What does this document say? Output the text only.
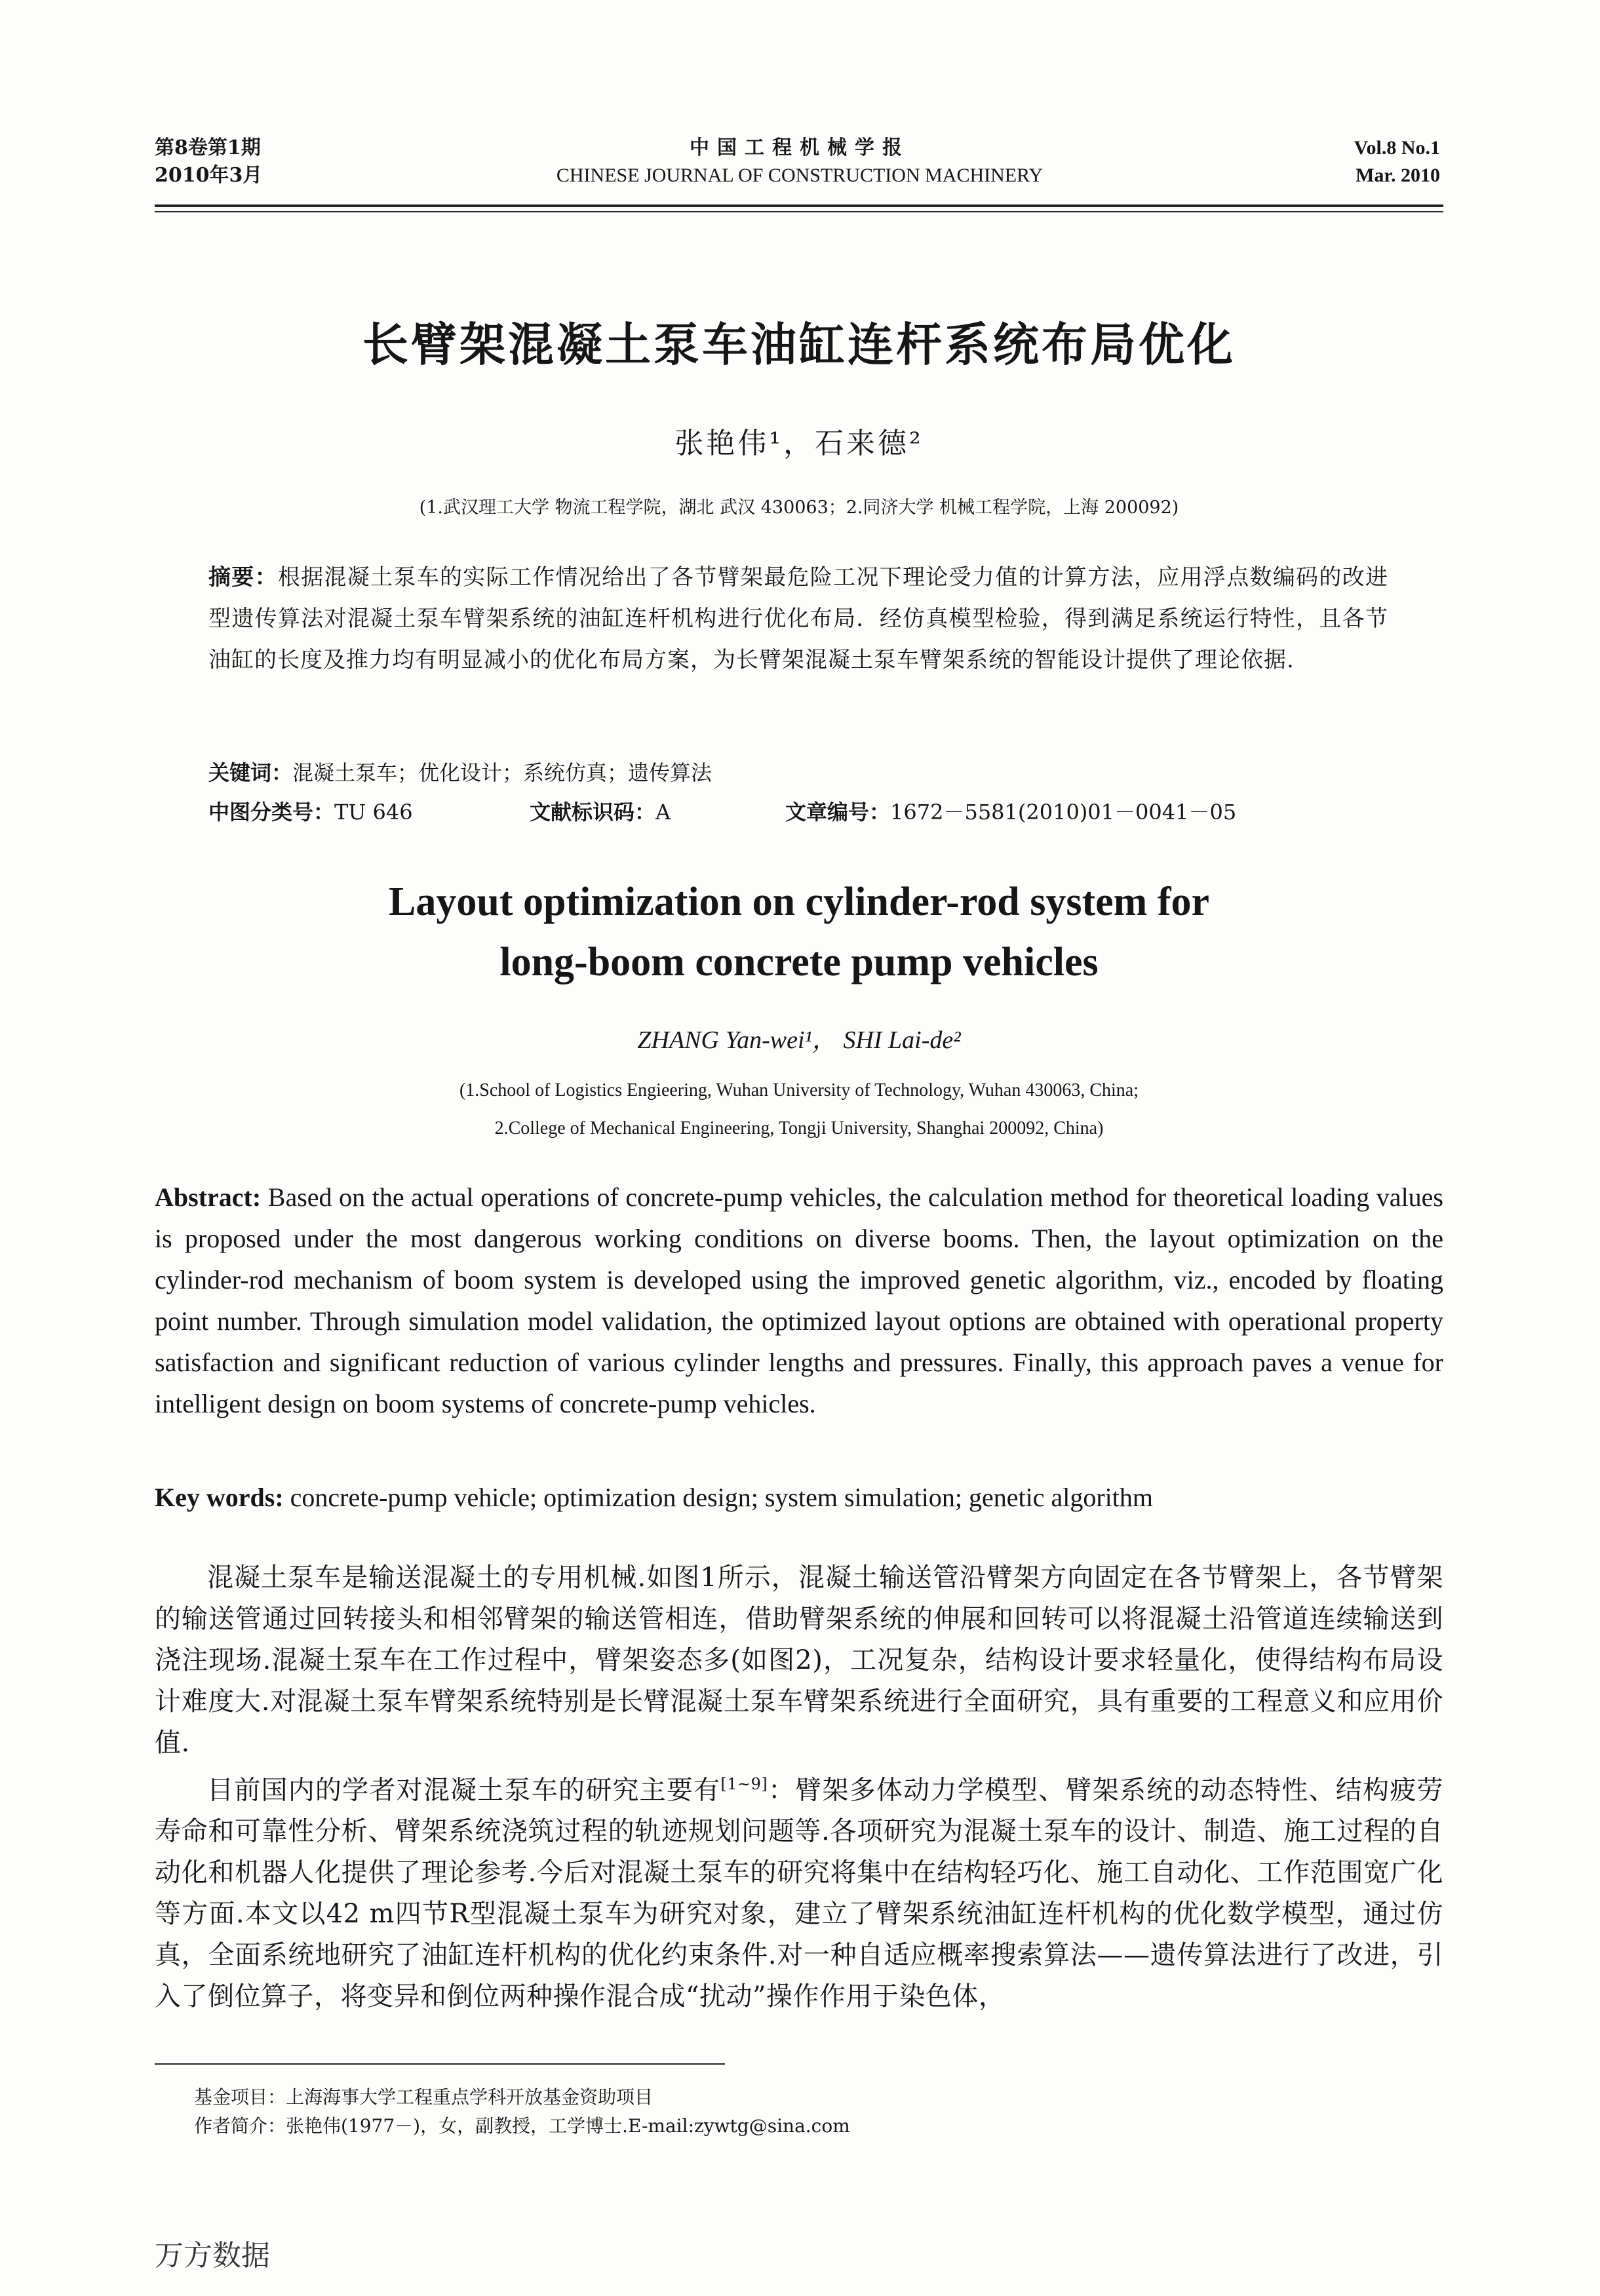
第8卷第1期
2010年3月
中国工程机械学报
CHINESE JOURNAL OF CONSTRUCTION MACHINERY
Vol.8 No.1
Mar. 2010
长臂架混凝土泵车油缸连杆系统布局优化
张艳伟¹，石来德²
(1.武汉理工大学 物流工程学院，湖北 武汉 430063；2.同济大学 机械工程学院，上海 200092)
摘要：根据混凝土泵车的实际工作情况给出了各节臂架最危险工况下理论受力值的计算方法，应用浮点数编码的改进型遗传算法对混凝土泵车臂架系统的油缸连杆机构进行优化布局．经仿真模型检验，得到满足系统运行特性，且各节油缸的长度及推力均有明显减小的优化布局方案，为长臂架混凝土泵车臂架系统的智能设计提供了理论依据.
关键词：混凝土泵车；优化设计；系统仿真；遗传算法
中图分类号：TU 646	文献标识码：A	文章编号：1672－5581(2010)01－0041－05
Layout optimization on cylinder-rod system for
long-boom concrete pump vehicles
ZHANG Yan-wei¹， SHI Lai-de²
(1.School of Logistics Engieering, Wuhan University of Technology, Wuhan 430063, China;
2.College of Mechanical Engineering, Tongji University, Shanghai 200092, China)
Abstract: Based on the actual operations of concrete-pump vehicles, the calculation method for theoretical loading values is proposed under the most dangerous working conditions on diverse booms. Then, the layout optimization on the cylinder-rod mechanism of boom system is developed using the improved genetic algorithm, viz., encoded by floating point number. Through simulation model validation, the optimized layout options are obtained with operational property satisfaction and significant reduction of various cylinder lengths and pressures. Finally, this approach paves a venue for intelligent design on boom systems of concrete-pump vehicles.
Key words: concrete-pump vehicle; optimization design; system simulation; genetic algorithm

混凝土泵车是输送混凝土的专用机械.如图1所示，混凝土输送管沿臂架方向固定在各节臂架上，各节臂架的输送管通过回转接头和相邻臂架的输送管相连，借助臂架系统的伸展和回转可以将混凝土沿管道连续输送到浇注现场.混凝土泵车在工作过程中，臂架姿态多(如图2)，工况复杂，结构设计要求轻量化，使得结构布局设计难度大.对混凝土泵车臂架系统特别是长臂混凝土泵车臂架系统进行全面研究，具有重要的工程意义和应用价值.

目前国内的学者对混凝土泵车的研究主要有[1~9]：臂架多体动力学模型、臂架系统的动态特性、结构疲劳寿命和可靠性分析、臂架系统浇筑过程的轨迹规划问题等.各项研究为混凝土泵车的设计、制造、施工过程的自动化和机器人化提供了理论参考.今后对混凝土泵车的研究将集中在结构轻巧化、施工自动化、工作范围宽广化等方面.本文以42 m四节R型混凝土泵车为研究对象，建立了臂架系统油缸连杆机构的优化数学模型，通过仿真，全面系统地研究了油缸连杆机构的优化约束条件.对一种自适应概率搜索算法——遗传算法进行了改进，引入了倒位算子，将变异和倒位两种操作混合成“扰动”操作作用于染色体，

基金项目：上海海事大学工程重点学科开放基金资助项目
作者简介：张艳伟(1977－)，女，副教授，工学博士.E-mail:zywtg@sina.com
万方数据
